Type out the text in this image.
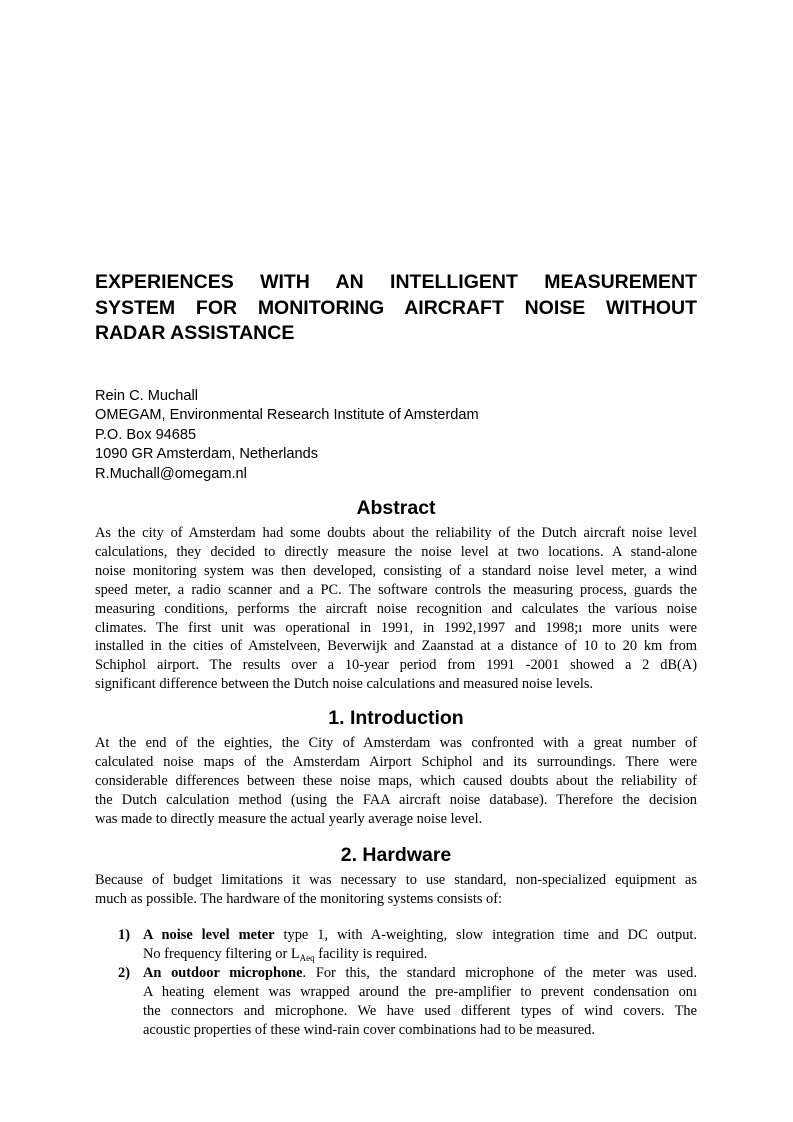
EXPERIENCES WITH AN INTELLIGENT MEASUREMENT
SYSTEM FOR MONITORING AIRCRAFT NOISE WITHOUT
RADAR ASSISTANCE
Rein C. Muchall
OMEGAM, Environmental Research Institute of Amsterdam
P.O. Box 94685
1090 GR Amsterdam, Netherlands
R.Muchall@omegam.nl
Abstract
As the city of Amsterdam had some doubts about the reliability of the Dutch aircraft noise level
calculations, they decided to directly measure the noise level at two locations. A stand-alone
noise monitoring system was then developed, consisting of a standard noise level meter, a wind
speed meter, a radio scanner and a PC. The software controls the measuring process, guards the
measuring conditions, performs the aircraft noise recognition and calculates the various noise
climates. The first unit was operational in 1991, in 1992,1997 and 1998;ı more units were
installed in the cities of Amstelveen, Beverwijk and Zaanstad at a distance of 10 to 20 km from
Schiphol airport. The results over a 10-year period from 1991 -2001 showed a 2 dB(A)
significant difference between the Dutch noise calculations and measured noise levels.
1. Introduction
At the end of the eighties, the City of Amsterdam was confronted with a great number of
calculated noise maps of the Amsterdam Airport Schiphol and its surroundings. There were
considerable differences between these noise maps, which caused doubts about the reliability of
the Dutch calculation method (using the FAA aircraft noise database). Therefore the decision
was made to directly measure the actual yearly average noise level.
2. Hardware
Because of budget limitations it was necessary to use standard, non-specialized equipment as
much as possible. The hardware of the monitoring systems consists of:
1) A noise level meter type 1, with A-weighting, slow integration time and DC output.
No frequency filtering or $L_{Aeq}$ facility is required.
2) An outdoor microphone. For this, the standard microphone of the meter was used.
A heating element was wrapped around the pre-amplifier to prevent condensation onı
the connectors and microphone. We have used different types of wind covers. The
acoustic properties of these wind-rain cover combinations had to be measured.
